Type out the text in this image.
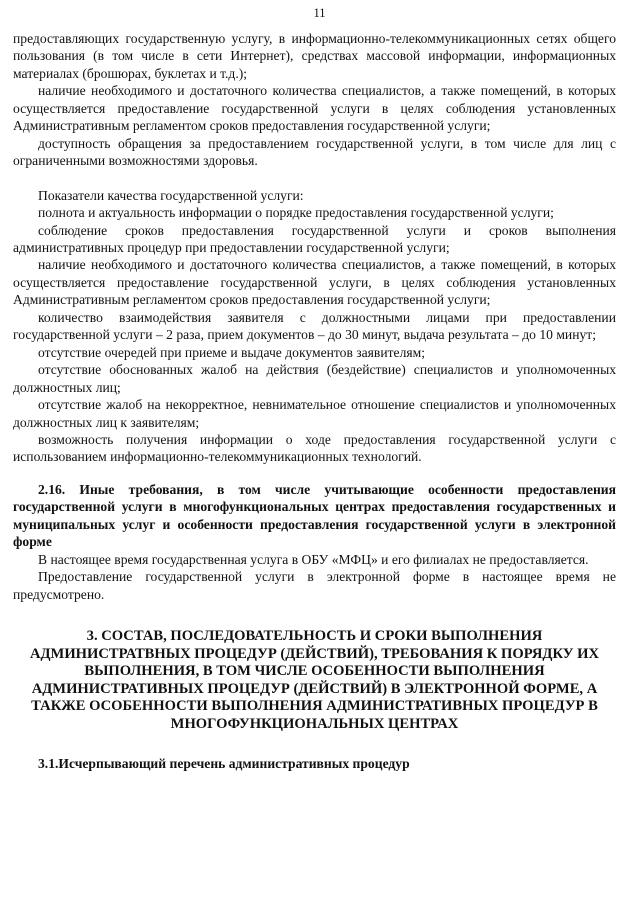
11

предоставляющих государственную услугу, в информационно-телекоммуникационных сетях общего пользования (в том числе в сети Интернет), средствах массовой информации, информационных материалах (брошюрах, буклетах и т.д.);

наличие необходимого и достаточного количества специалистов, а также помещений, в которых осуществляется предоставление государственной услуги в целях соблюдения установленных Административным регламентом сроков предоставления государственной услуги;

доступность обращения за предоставлением государственной услуги, в том числе для лиц с ограниченными возможностями здоровья.

Показатели качества государственной услуги:

полнота и актуальность информации о порядке предоставления государственной услуги;

соблюдение сроков предоставления государственной услуги и сроков выполнения административных процедур при предоставлении государственной услуги;

наличие необходимого и достаточного количества специалистов, а также помещений, в которых осуществляется предоставление государственной услуги, в целях соблюдения установленных Административным регламентом сроков предоставления государственной услуги;

количество взаимодействия заявителя с должностными лицами при предоставлении государственной услуги – 2 раза, прием документов – до 30 минут, выдача результата – до 10 минут;

отсутствие очередей при приеме и выдаче документов заявителям;

отсутствие обоснованных жалоб на действия (бездействие) специалистов и уполномоченных должностных лиц;

отсутствие жалоб на некорректное, невнимательное отношение специалистов и уполномоченных должностных лиц к заявителям;

возможность получения информации о ходе предоставления государственной услуги с использованием информационно-телекоммуникационных технологий.

2.16. Иные требования, в том числе учитывающие особенности предоставления государственной услуги в многофункциональных центрах предоставления государственных и муниципальных услуг и особенности предоставления государственной услуги в электронной форме

В настоящее время государственная услуга в ОБУ «МФЦ» и его филиалах не предоставляется.

Предоставление государственной услуги в электронной форме в настоящее время не предусмотрено.

3. СОСТАВ, ПОСЛЕДОВАТЕЛЬНОСТЬ И СРОКИ ВЫПОЛНЕНИЯ АДМИНИСТРАТВНЫХ ПРОЦЕДУР (ДЕЙСТВИЙ), ТРЕБОВАНИЯ К ПОРЯДКУ ИХ ВЫПОЛНЕНИЯ, В ТОМ ЧИСЛЕ ОСОБЕННОСТИ ВЫПОЛНЕНИЯ АДМИНИСТРАТИВНЫХ ПРОЦЕДУР (ДЕЙСТВИЙ) В ЭЛЕКТРОННОЙ ФОРМЕ, А ТАКЖЕ ОСОБЕННОСТИ ВЫПОЛНЕНИЯ АДМИНИСТРАТИВНЫХ ПРОЦЕДУР В МНОГОФУНКЦИОНАЛЬНЫХ ЦЕНТРАХ

3.1.Исчерпывающий перечень административных процедур
